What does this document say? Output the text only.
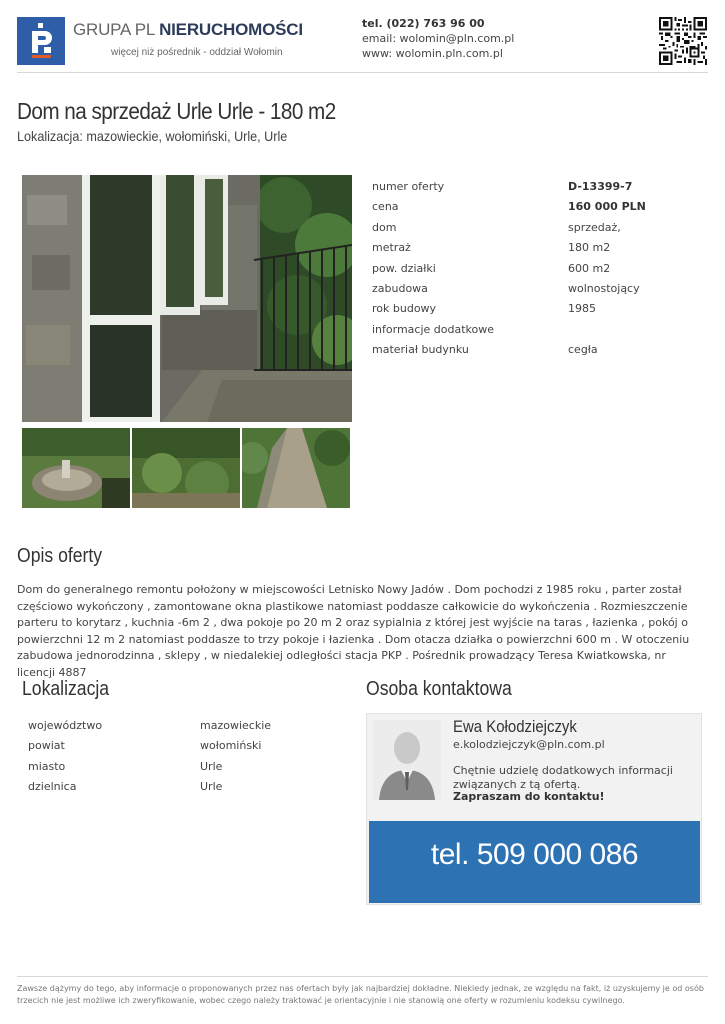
GRUPA PL NIERUCHOMOŚCI
więcej niż pośrednik - oddział Wołomin
tel. (022) 763 96 00
email: wolomin@pln.com.pl
www: wolomin.pln.com.pl
Dom na sprzedaż Urle Urle - 180 m2
Lokalizacja: mazowieckie, wołomiński, Urle, Urle
numer oferty	D-13399-7
cena	160 000 PLN
dom	sprzedaż,
metraż	180 m2
pow. działki	600 m2
zabudowa	wolnostojący
rok budowy	1985
informacje dodatkowe
materiał budynku	cegła
Opis oferty
Dom do generalnego remontu położony w miejscowości Letnisko Nowy Jadów . Dom pochodzi z 1985 roku , parter został częściowo wykończony , zamontowane okna plastikowe natomiast poddasze całkowicie do wykończenia . Rozmieszczenie parteru to korytarz , kuchnia -6m 2 , dwa pokoje po 20 m 2 oraz sypialnia z której jest wyjście na taras , łazienka , pokój o powierzchni 12 m 2 natomiast poddasze to trzy pokoje i łazienka . Dom otacza działka o powierzchni 600 m . W otoczeniu zabudowa jednorodzinna , sklepy , w niedalekiej odległości stacja PKP . Pośrednik prowadzący Teresa Kwiatkowska, nr licencji 4887
Lokalizacja
województwo	mazowieckie
powiat	wołomiński
miasto	Urle
dzielnica	Urle
Osoba kontaktowa
Ewa Kołodziejczyk
e.kolodziejczyk@pln.com.pl
Chętnie udzielę dodatkowych informacji związanych z tą ofertą.
Zapraszam do kontaktu!
tel. 509 000 086
Zawsze dążymy do tego, aby informacje o proponowanych przez nas ofertach były jak najbardziej dokładne. Niekiedy jednak, ze względu na fakt, iż uzyskujemy je od osób trzecich nie jest możliwe ich zweryfikowanie, wobec czego należy traktować je orientacyjnie i nie stanowią one oferty w rozumieniu kodeksu cywilnego.
